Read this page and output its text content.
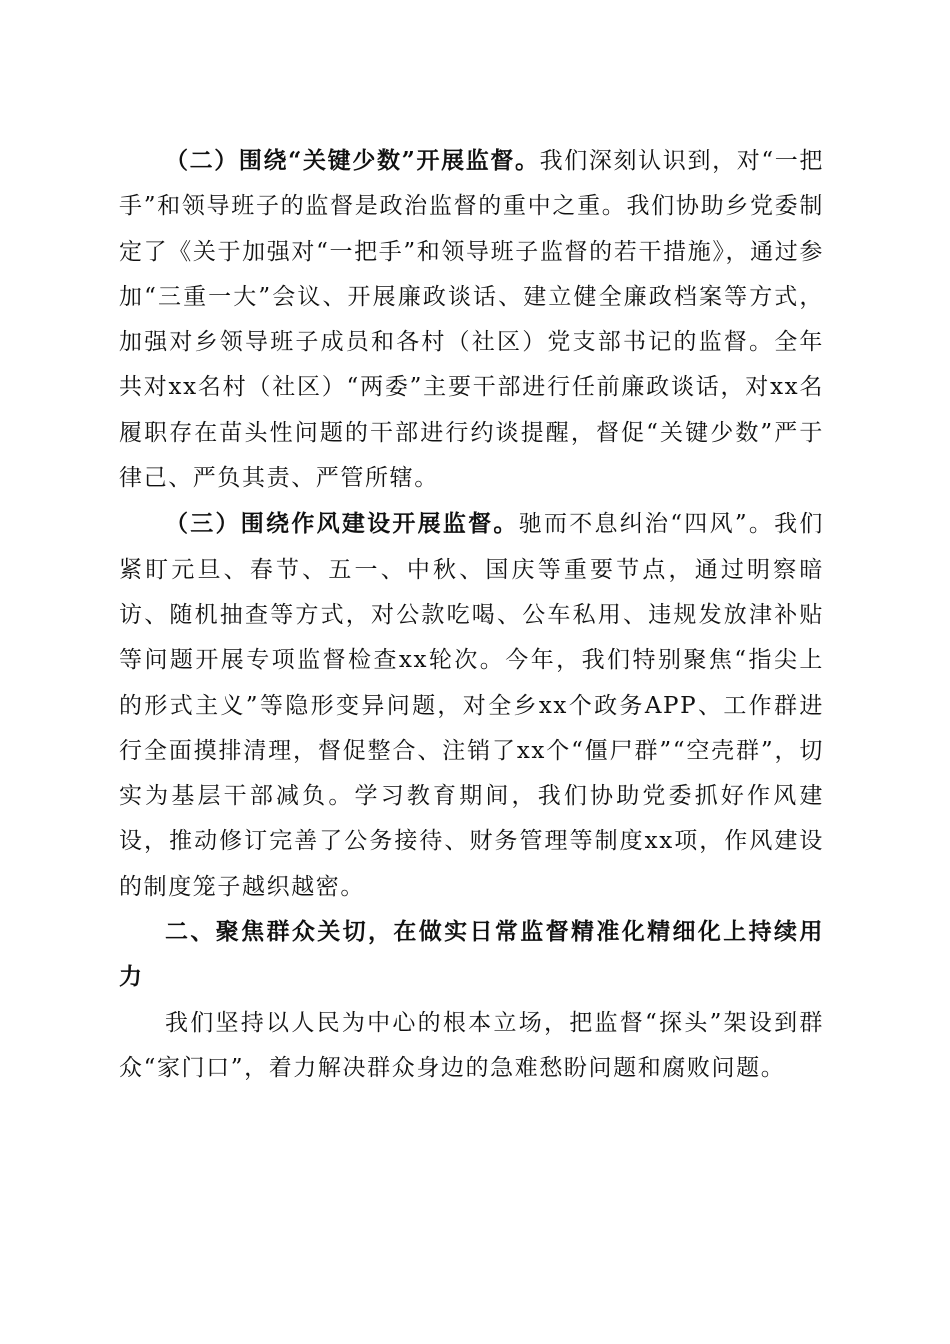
（二）围绕“关键少数”开展监督。我们深刻认识到，对“一把手”和领导班子的监督是政治监督的重中之重。我们协助乡党委制定了《关于加强对“一把手”和领导班子监督的若干措施》，通过参加“三重一大”会议、开展廉政谈话、建立健全廉政档案等方式，加强对乡领导班子成员和各村（社区）党支部书记的监督。全年共对xx名村（社区）“两委”主要干部进行任前廉政谈话，对xx名履职存在苗头性问题的干部进行约谈提醒，督促“关键少数”严于律己、严负其责、严管所辖。

（三）围绕作风建设开展监督。驰而不息纠治“四风”。我们紧盯元旦、春节、五一、中秋、国庆等重要节点，通过明察暗访、随机抽查等方式，对公款吃喝、公车私用、违规发放津补贴等问题开展专项监督检查xx轮次。今年，我们特别聚焦“指尖上的形式主义”等隐形变异问题，对全乡xx个政务APP、工作群进行全面摸排清理，督促整合、注销了xx个“僵尸群”“空壳群”，切实为基层干部减负。学习教育期间，我们协助党委抓好作风建设，推动修订完善了公务接待、财务管理等制度xx项，作风建设的制度笼子越织越密。

二、聚焦群众关切，在做实日常监督精准化精细化上持续用力

我们坚持以人民为中心的根本立场，把监督“探头”架设到群众“家门口”，着力解决群众身边的急难愁盼问题和腐败问题。
